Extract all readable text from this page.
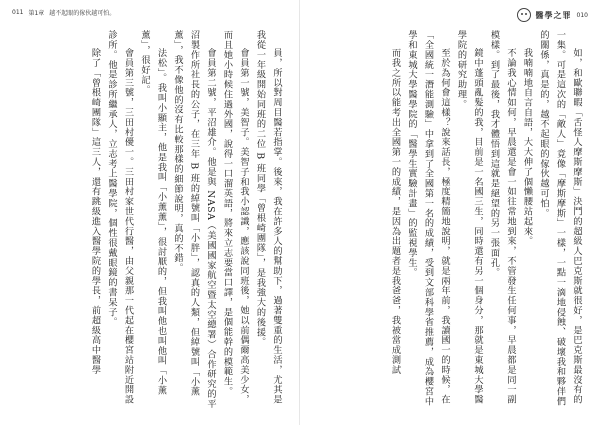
011 第1章 越不起眼的傢伙越可怕。

員，所以對周目醫若指掌。後來，我在許多人的幫助下，過著雙重的生活，尤其是我從一年級開始同班的二位 B 班同學「曾根崎團隊」，是我強大的後援。

會員第一號，美智子。美智子和我小認識，應該說同班後，她以前偶爾高美少女，而且她小時候住過外國，說得一口溜英語，將來立志要當口譯，是個能幹的模範生。

會員第二號，平沼雄介。他是與 NASA（美國國家航空暨太空總署）合作研究的平沼製作所社長的公子，在三年 B 班的綽號叫「小胖」，認真的人類，但綽號叫「小薰薰」，我不像他的沒有比較那樣的細節說明，真的不錯。

法松」。我叫小顯主，他是我叫「小薰薰」，很討厭的，但我叫他也叫他叫「小薰薰」，很好記。

會員第三號，三田村優一。三田村家世代行醫，由父親那一代起在櫻宮站附近開設診所。他是診所繼承人，立志考上醫學院，個性很戴眼鏡的書呆子。

除了「曾根崎團隊」這三人，還有跳級進入醫學院的學長，前超級高中醫學

醫學之罪 010

如，和歐聯暇「舌怪人摩斯摩斯」決鬥的超級人巴克斯就很好，是巴克斯最沒有的一集。可是這次的「敵人」竟像「摩斯摩斯」一樣，一點一滴地侵蝕、破壞我和夥伴們的關係，真是的，越不起眼的傢伙越可怕。

我喃喃地自言自語，大大伸了個懶腰站起來。

不論我心情如何，早晨還是會一如往常地到來，不管發生任何事，早晨都是同一副模樣。到了最後，我才體悟到這就是絕望的另一張面孔。

鏡中蓬頭亂髮的我，目前是一名國三生，同時還有另一個身分，那就是東城大學醫學院的研究助理。

至於為何會這樣？說來話長，極度精簡地說明，就是兩年前，我讀國一的時候，在「全國統一潛能測驗」中拿到了全國第一名的成績，受到文部科學省推薦，成為櫻宮中學和東城大學醫學院的「醫學生實驗計畫」的監視學生。

而我之所以能考出全國第一的成績，是因為出題者是我爸爸，我被當成測試
